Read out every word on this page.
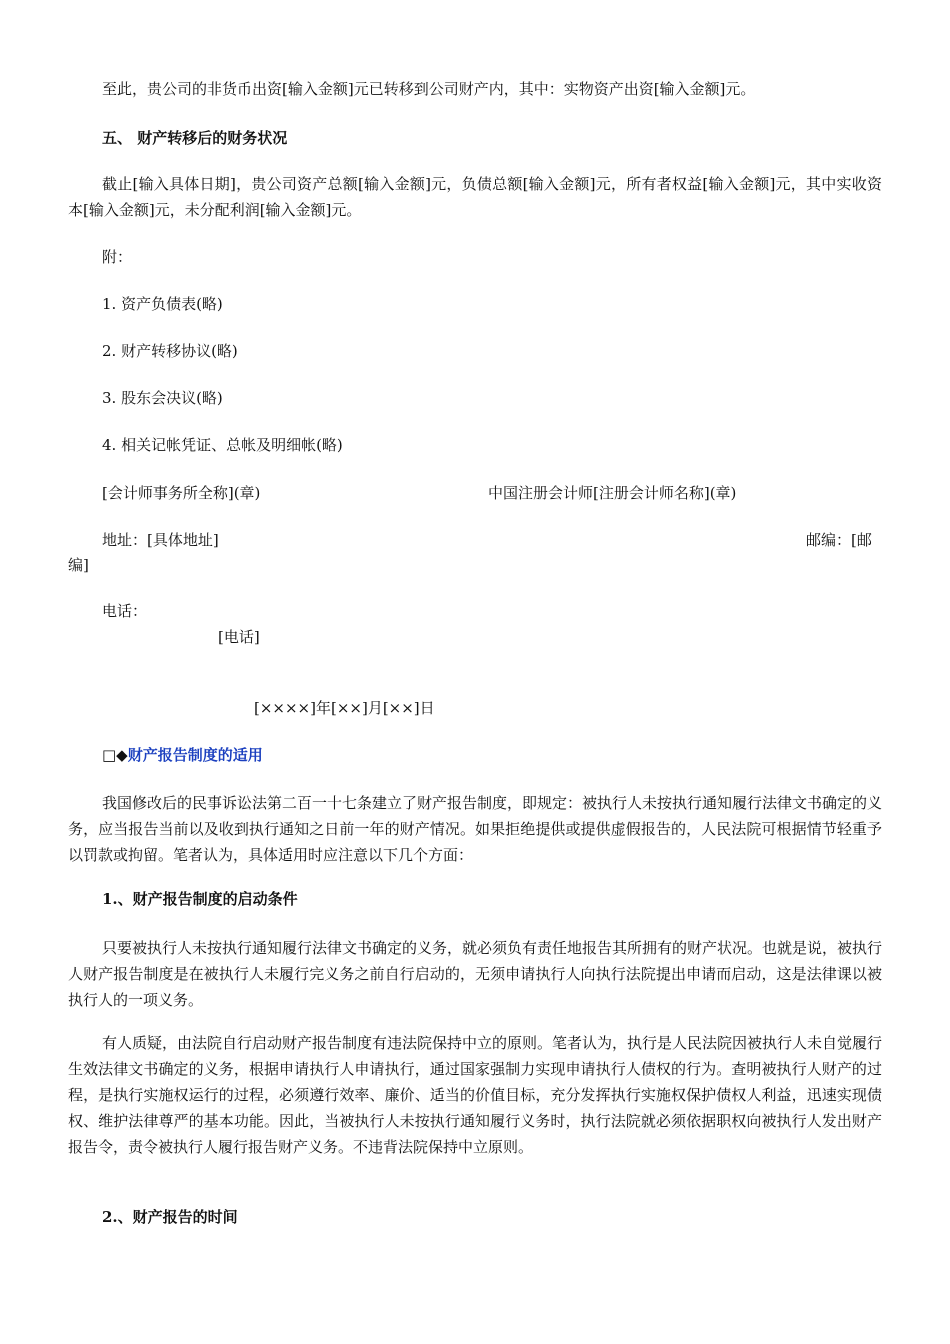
至此，贵公司的非货币出资[输入金额]元已转移到公司财产内，其中：实物资产出资[输入金额]元。

五、 财产转移后的财务状况

截止[输入具体日期]，贵公司资产总额[输入金额]元，负债总额[输入金额]元，所有者权益[输入金额]元，其中实收资本[输入金额]元，未分配利润[输入金额]元。

附：

1. 资产负债表(略)

2. 财产转移协议(略)

3. 股东会决议(略)

4. 相关记帐凭证、总帐及明细帐(略)

[会计师事务所全称](章)	中国注册会计师[注册会计师名称](章)

地址：[具体地址]	邮编：[邮

编]

电话：

[电话]

[××××]年[××]月[××]日

□◆财产报告制度的适用

我国修改后的民事诉讼法第二百一十七条建立了财产报告制度，即规定：被执行人未按执行通知履行法律文书确定的义务，应当报告当前以及收到执行通知之日前一年的财产情况。如果拒绝提供或提供虚假报告的，人民法院可根据情节轻重予以罚款或拘留。笔者认为，具体适用时应注意以下几个方面：

1.、财产报告制度的启动条件

只要被执行人未按执行通知履行法律文书确定的义务，就必须负有责任地报告其所拥有的财产状况。也就是说，被执行人财产报告制度是在被执行人未履行完义务之前自行启动的，无须申请执行人向执行法院提出申请而启动，这是法律课以被执行人的一项义务。

有人质疑，由法院自行启动财产报告制度有违法院保持中立的原则。笔者认为，执行是人民法院因被执行人未自觉履行生效法律文书确定的义务，根据申请执行人申请执行，通过国家强制力实现申请执行人债权的行为。查明被执行人财产的过程，是执行实施权运行的过程，必须遵行效率、廉价、适当的价值目标，充分发挥执行实施权保护债权人利益，迅速实现债权、维护法律尊严的基本功能。因此，当被执行人未按执行通知履行义务时，执行法院就必须依据职权向被执行人发出财产报告令，责令被执行人履行报告财产义务。不违背法院保持中立原则。

2.、财产报告的时间
